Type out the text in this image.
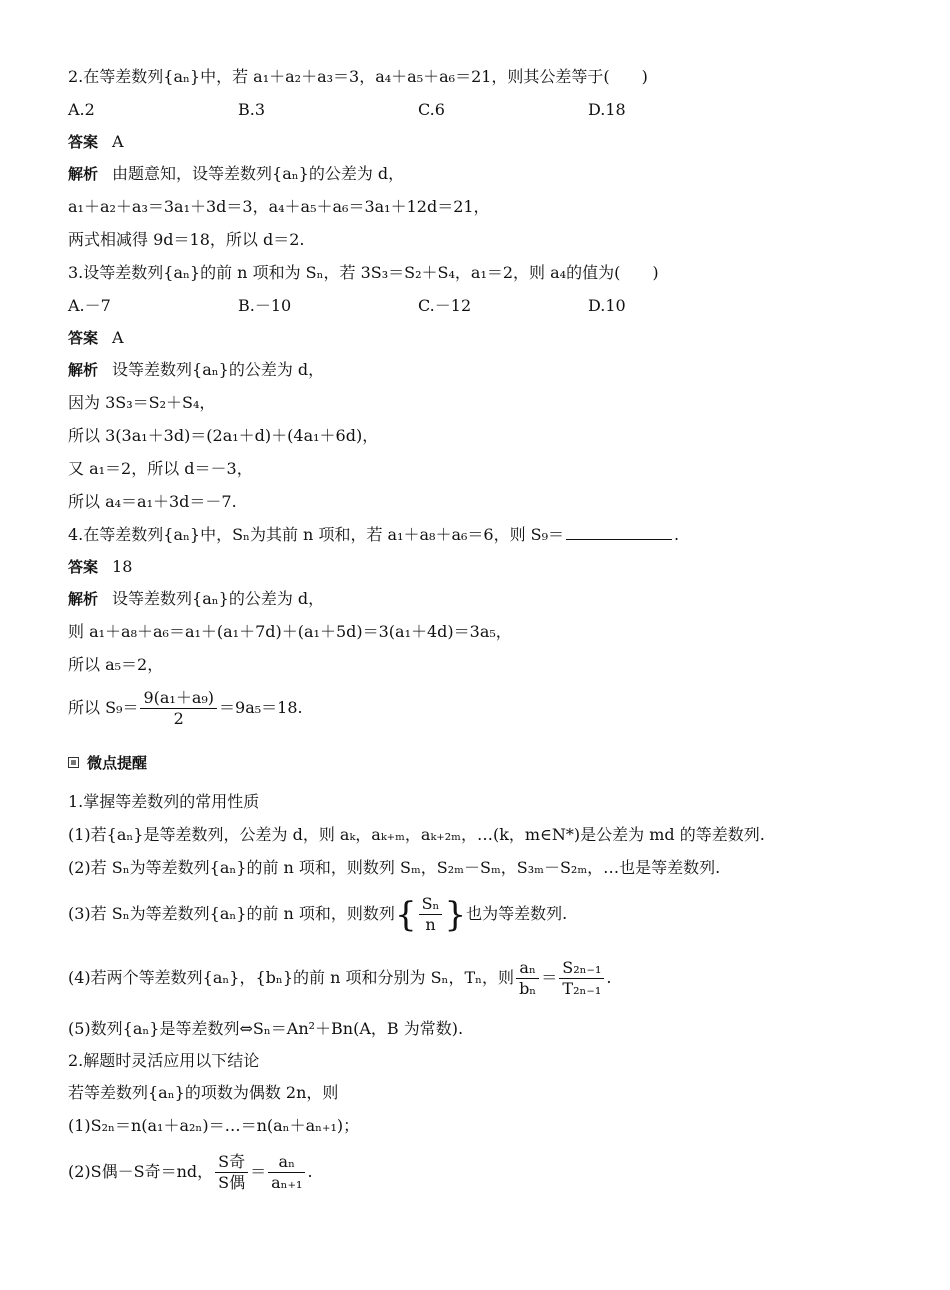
2.在等差数列{aₙ}中，若 a₁＋a₂＋a₃＝3，a₄＋a₅＋a₆＝21，则其公差等于(　　)
A.2	B.3	C.6	D.18
答案 A
解析 由题意知，设等差数列{aₙ}的公差为 d，
a₁＋a₂＋a₃＝3a₁＋3d＝3，a₄＋a₅＋a₆＝3a₁＋12d＝21，
两式相减得 9d＝18，所以 d＝2.
3.设等差数列{aₙ}的前 n 项和为 Sₙ，若 3S₃＝S₂＋S₄，a₁＝2，则 a₄的值为(　　)
A.－7	B.－10	C.－12	D.10
答案 A
解析 设等差数列{aₙ}的公差为 d，
因为 3S₃＝S₂＋S₄，
所以 3(3a₁＋3d)＝(2a₁＋d)＋(4a₁＋6d)，
又 a₁＝2，所以 d＝－3，
所以 a₄＝a₁＋3d＝－7.
4.在等差数列{aₙ}中，Sₙ为其前 n 项和，若 a₁＋a₈＋a₆＝6，则 S₉＝	.
答案 18
解析 设等差数列{aₙ}的公差为 d，
则 a₁＋a₈＋a₆＝a₁＋(a₁＋7d)＋(a₁＋5d)＝3(a₁＋4d)＝3a₅，
所以 a₅＝2，
所以 $S_9= \frac{\text{9(a₁＋a₉)}}{2} =9a_5=18$.
微点提醒
1.掌握等差数列的常用性质
(1)若{aₙ}是等差数列，公差为 d，则 aₖ，aₖ₊ₘ，aₖ₊₂ₘ，…(k，m∈N*)是公差为 md 的等差数列.
(2)若 Sₙ为等差数列{aₙ}的前 n 项和，则数列 Sₘ，S₂ₘ－Sₘ，S₃ₘ－S₂ₘ，…也是等差数列.
(3)若 Sₙ为等差数列{aₙ}的前 n 项和，则数列{ $\frac{\text{Sₙ}}{n}$ }也为等差数列.
(4)若两个等差数列{aₙ}，{bₙ}的前 n 项和分别为 Sₙ，Tₙ，则 $\frac{\text{aₙ}}{\text{bₙ}} = \frac{\text{S₂ₙ₋₁}}{\text{T₂ₙ₋₁}}$ .
(5)数列{aₙ}是等差数列⇔Sₙ＝An²＋Bn(A，B 为常数).
2.解题时灵活应用以下结论
若等差数列{aₙ}的项数为偶数 2n，则
(1)S₂ₙ＝n(a₁＋a₂ₙ)＝…＝n(aₙ＋aₙ₊₁)；
(2)S偶－S奇＝nd， $\frac{\text{S奇}}{\text{S偶}} = \frac{\text{aₙ}}{\text{aₙ₊₁}}$ .
